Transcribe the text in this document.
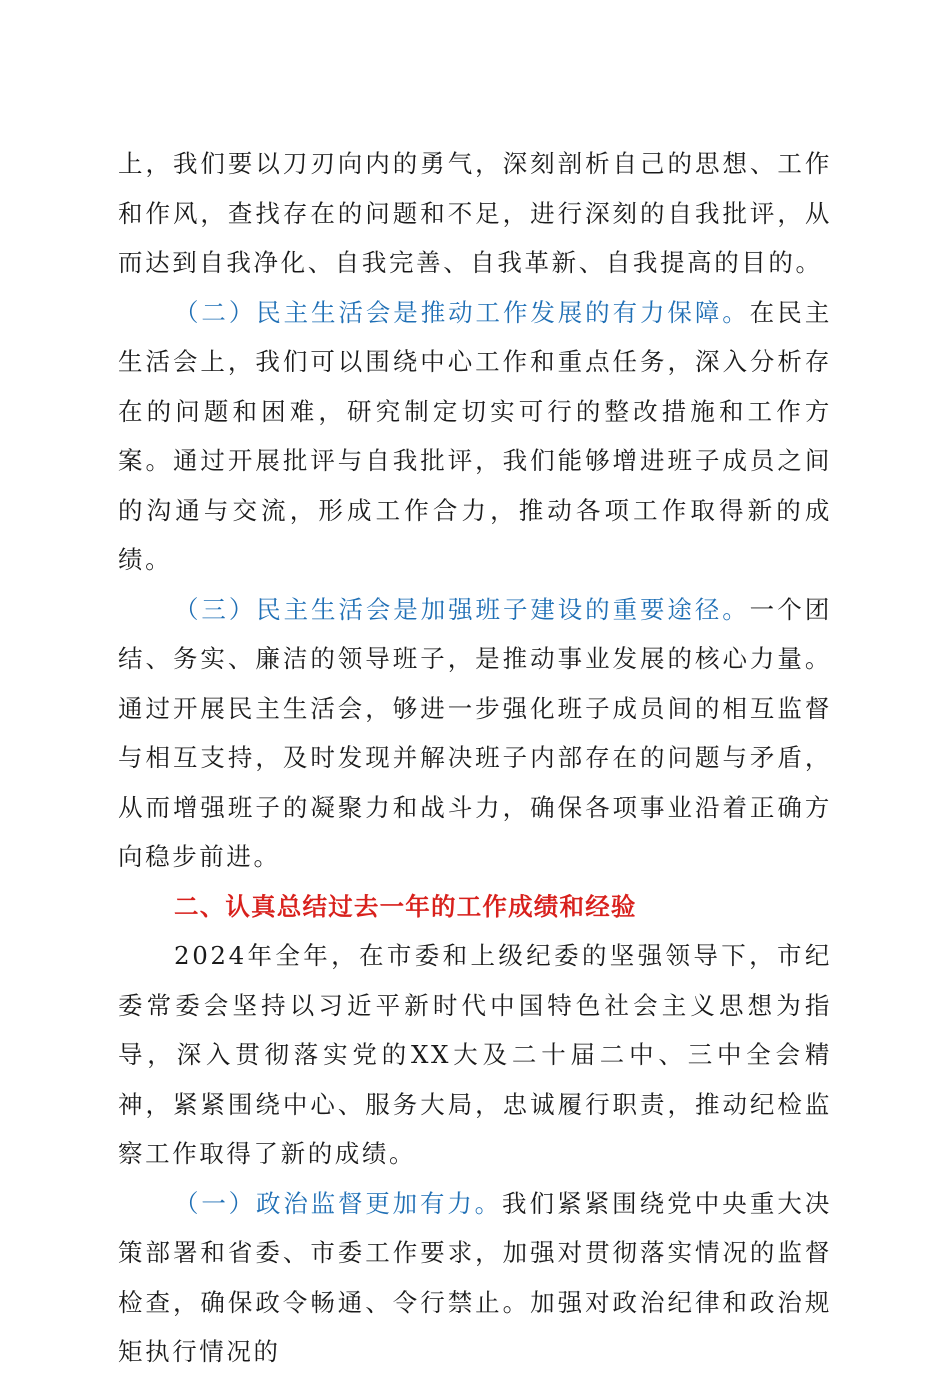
上，我们要以刀刃向内的勇气，深刻剖析自己的思想、工作和作风，查找存在的问题和不足，进行深刻的自我批评，从而达到自我净化、自我完善、自我革新、自我提高的目的。

（二）民主生活会是推动工作发展的有力保障。在民主生活会上，我们可以围绕中心工作和重点任务，深入分析存在的问题和困难，研究制定切实可行的整改措施和工作方案。通过开展批评与自我批评，我们能够增进班子成员之间的沟通与交流，形成工作合力，推动各项工作取得新的成绩。

（三）民主生活会是加强班子建设的重要途径。一个团结、务实、廉洁的领导班子，是推动事业发展的核心力量。通过开展民主生活会，够进一步强化班子成员间的相互监督与相互支持，及时发现并解决班子内部存在的问题与矛盾，从而增强班子的凝聚力和战斗力，确保各项事业沿着正确方向稳步前进。

二、认真总结过去一年的工作成绩和经验

2024年全年，在市委和上级纪委的坚强领导下，市纪委常委会坚持以习近平新时代中国特色社会主义思想为指导，深入贯彻落实党的XX大及二十届二中、三中全会精神，紧紧围绕中心、服务大局，忠诚履行职责，推动纪检监察工作取得了新的成绩。

（一）政治监督更加有力。我们紧紧围绕党中央重大决策部署和省委、市委工作要求，加强对贯彻落实情况的监督检查，确保政令畅通、令行禁止。加强对政治纪律和政治规矩执行情况的
